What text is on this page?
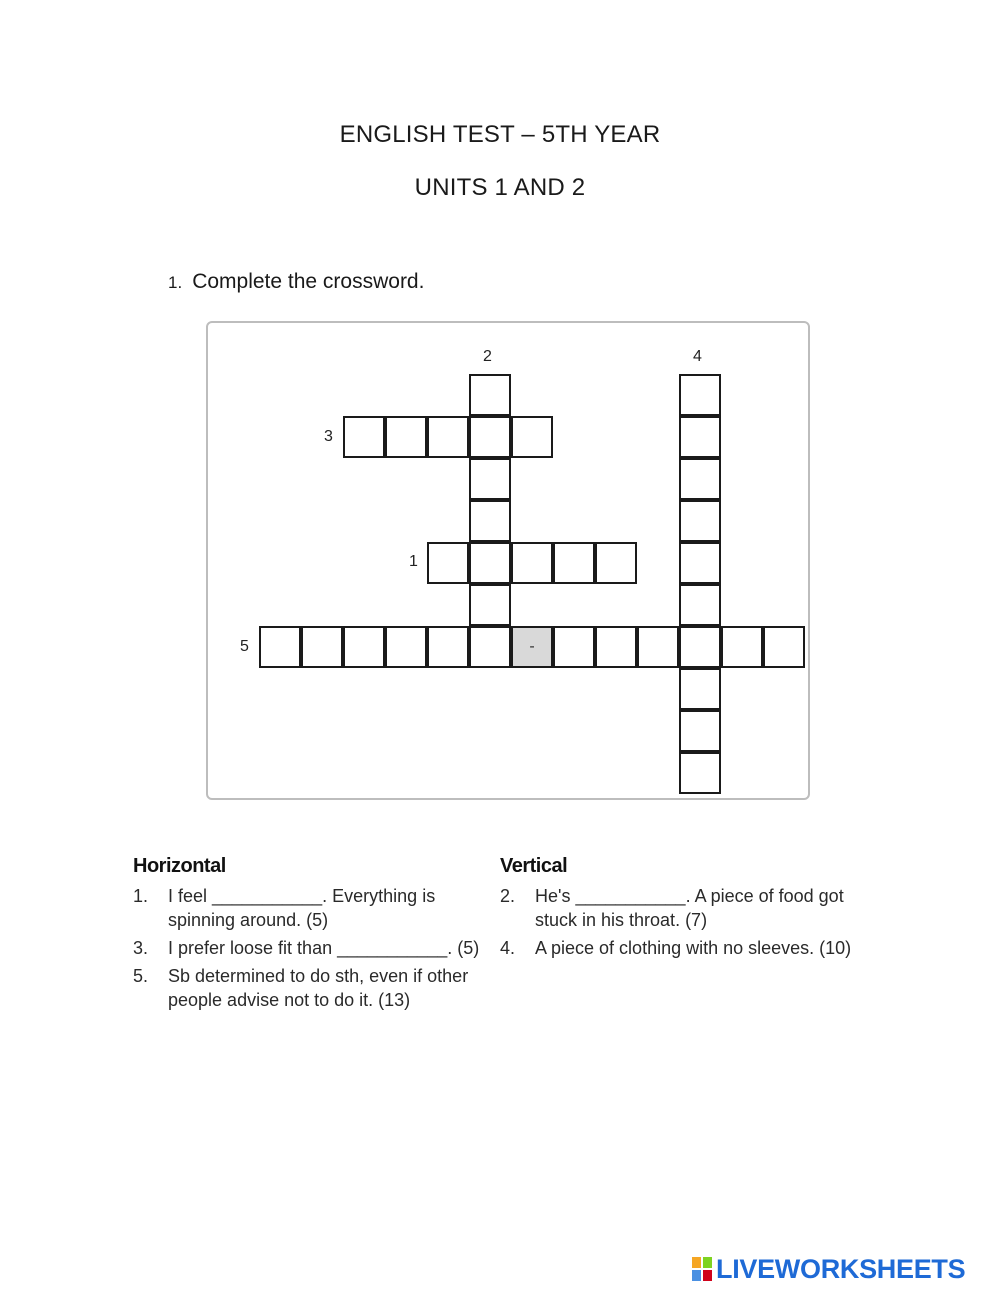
ENGLISH TEST – 5TH YEAR
UNITS 1 AND 2
1. Complete the crossword.
-
2	4
3
1
5
Horizontal
1.	I feel ___________. Everything is spinning around. (5)
3.	I prefer loose fit than ___________. (5)
5.	Sb determined to do sth, even if other people advise not to do it. (13)
Vertical
2.	He's ___________. A piece of food got stuck in his throat. (7)
4.	A piece of clothing with no sleeves. (10)
LIVEWORKSHEETS
